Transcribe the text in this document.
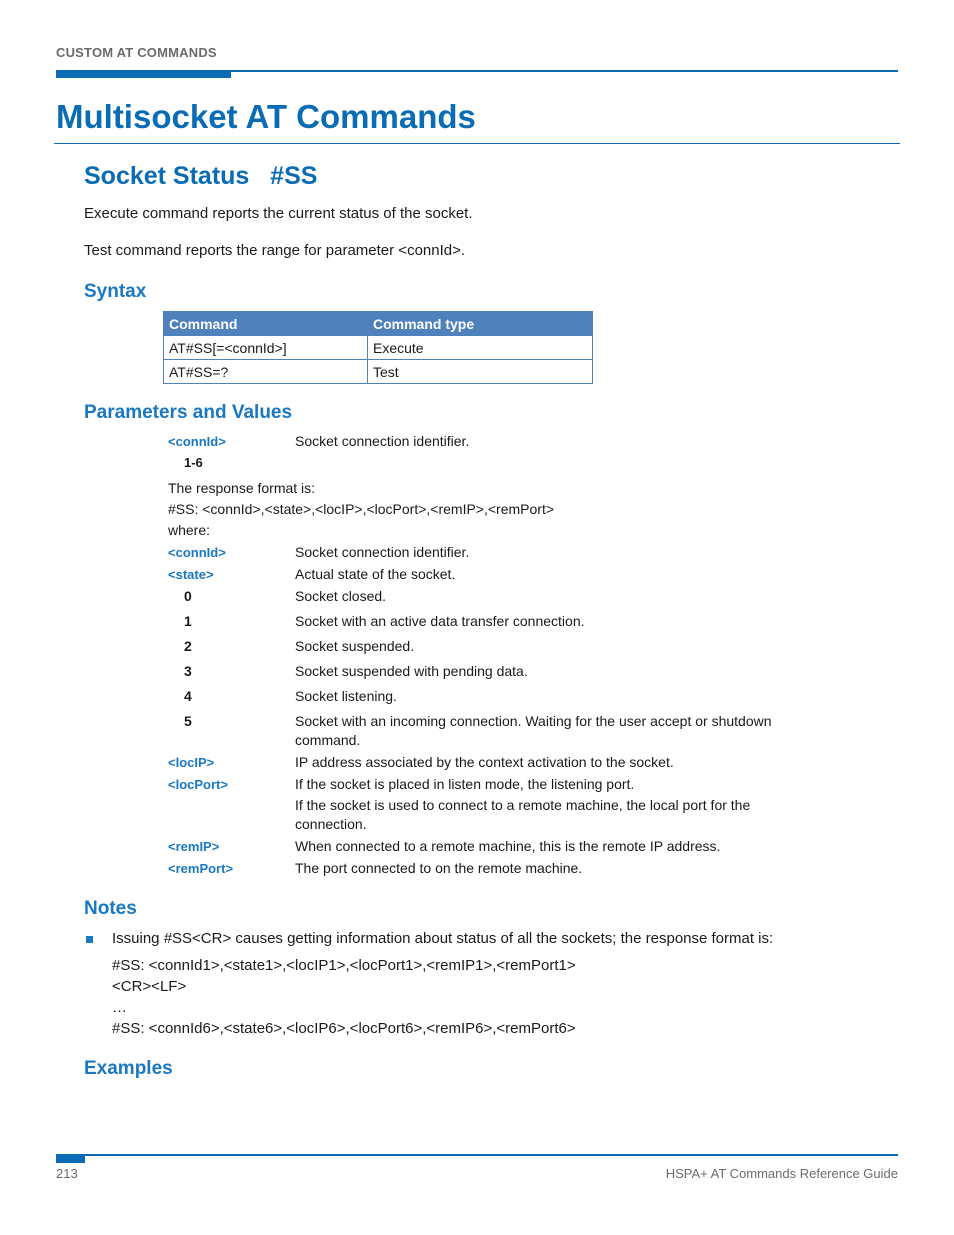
CUSTOM AT COMMANDS
Multisocket AT Commands
Socket Status   #SS
Execute command reports the current status of the socket.
Test command reports the range for parameter <connId>.
Syntax
Command	Command type
AT#SS[=<connId>]	Execute
AT#SS=?	Test
Parameters and Values
<connId>	Socket connection identifier.
1-6
The response format is:
#SS: <connId>,<state>,<locIP>,<locPort>,<remIP>,<remPort>
where:
<connId>	Socket connection identifier.
<state>	Actual state of the socket.
0	Socket closed.
1	Socket with an active data transfer connection.
2	Socket suspended.
3	Socket suspended with pending data.
4	Socket listening.
5	Socket with an incoming connection. Waiting for the user accept or shutdown command.
<locIP>	IP address associated by the context activation to the socket.
<locPort>	If the socket is placed in listen mode, the listening port.
If the socket is used to connect to a remote machine, the local port for the connection.
<remIP>	When connected to a remote machine, this is the remote IP address.
<remPort>	The port connected to on the remote machine.
Notes
Issuing #SS<CR> causes getting information about status of all the sockets; the response format is:
#SS: <connId1>,<state1>,<locIP1>,<locPort1>,<remIP1>,<remPort1>
<CR><LF>
…
#SS: <connId6>,<state6>,<locIP6>,<locPort6>,<remIP6>,<remPort6>
Examples
213	HSPA+ AT Commands Reference Guide
